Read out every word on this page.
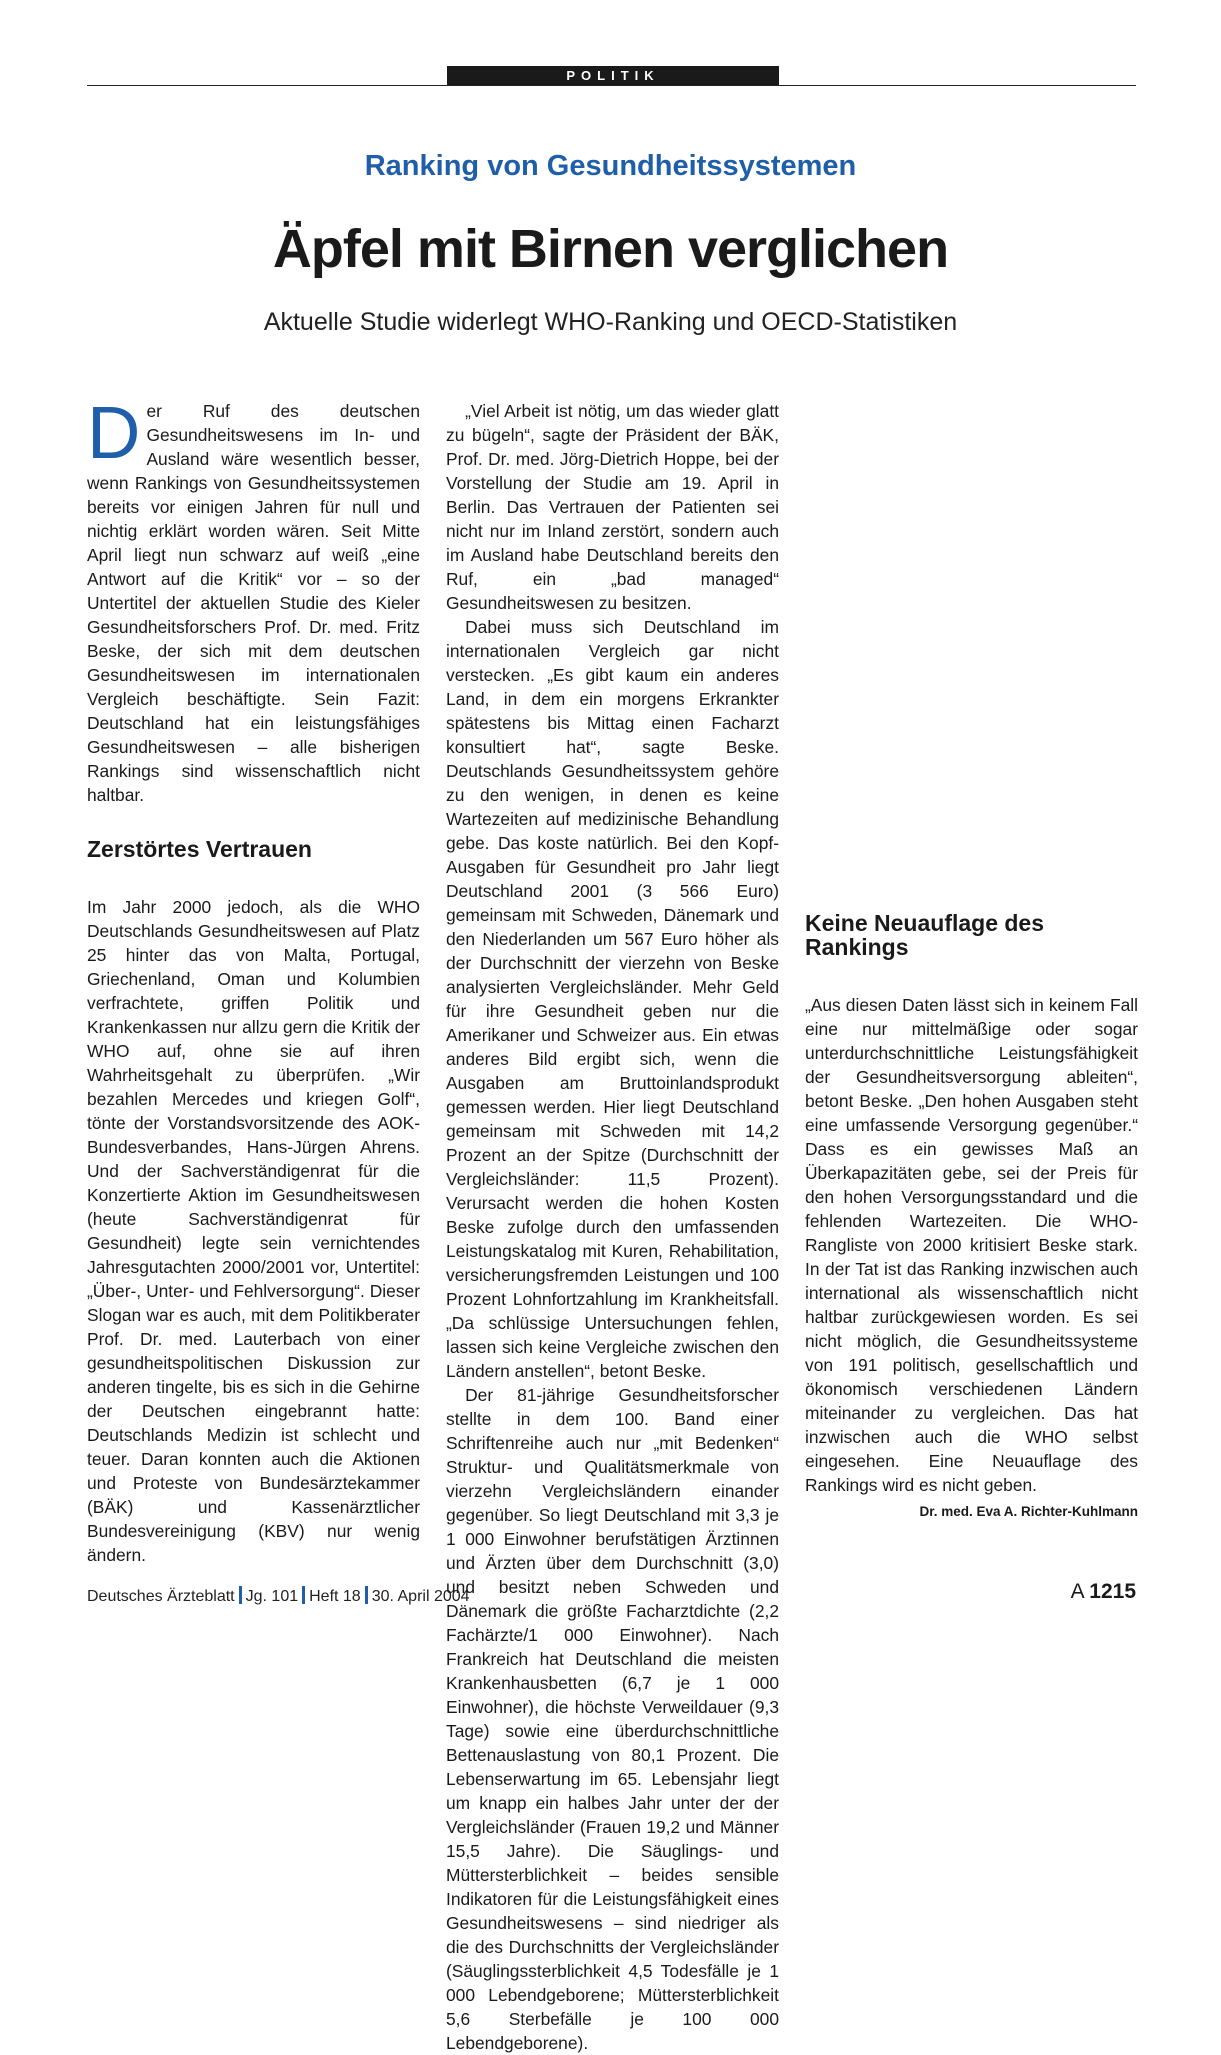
POLITIK
Ranking von Gesundheitssystemen
Äpfel mit Birnen verglichen
Aktuelle Studie widerlegt WHO-Ranking und OECD-Statistiken

Der Ruf des deutschen Gesundheitswesens im In- und Ausland wäre wesentlich besser, wenn Rankings von Gesundheitssystemen bereits vor einigen Jahren für null und nichtig erklärt worden wären. Seit Mitte April liegt nun schwarz auf weiß „eine Antwort auf die Kritik“ vor – so der Untertitel der aktuellen Studie des Kieler Gesundheitsforschers Prof. Dr. med. Fritz Beske, der sich mit dem deutschen Gesundheitswesen im internationalen Vergleich beschäftigte. Sein Fazit: Deutschland hat ein leistungsfähiges Gesundheitswesen – alle bisherigen Rankings sind wissenschaftlich nicht haltbar.

Zerstörtes Vertrauen

Im Jahr 2000 jedoch, als die WHO Deutschlands Gesundheitswesen auf Platz 25 hinter das von Malta, Portugal, Griechenland, Oman und Kolumbien verfrachtete, griffen Politik und Krankenkassen nur allzu gern die Kritik der WHO auf, ohne sie auf ihren Wahrheitsgehalt zu überprüfen. „Wir bezahlen Mercedes und kriegen Golf“, tönte der Vorstandsvorsitzende des AOK-Bundesverbandes, Hans-Jürgen Ahrens. Und der Sachverständigenrat für die Konzertierte Aktion im Gesundheitswesen (heute Sachverständigenrat für Gesundheit) legte sein vernichtendes Jahresgutachten 2000/2001 vor, Untertitel: „Über-, Unter- und Fehlversorgung“. Dieser Slogan war es auch, mit dem Politikberater Prof. Dr. med. Lauterbach von einer gesundheitspolitischen Diskussion zur anderen tingelte, bis es sich in die Gehirne der Deutschen eingebrannt hatte: Deutschlands Medizin ist schlecht und teuer. Daran konnten auch die Aktionen und Proteste von Bundesärztekammer (BÄK) und Kassenärztlicher Bundesvereinigung (KBV) nur wenig ändern.

„Viel Arbeit ist nötig, um das wieder glatt zu bügeln“, sagte der Präsident der BÄK, Prof. Dr. med. Jörg-Dietrich Hoppe, bei der Vorstellung der Studie am 19. April in Berlin. Das Vertrauen der Patienten sei nicht nur im Inland zerstört, sondern auch im Ausland habe Deutschland bereits den Ruf, ein „bad managed“ Gesundheitswesen zu besitzen.

Dabei muss sich Deutschland im internationalen Vergleich gar nicht verstecken. „Es gibt kaum ein anderes Land, in dem ein morgens Erkrankter spätestens bis Mittag einen Facharzt konsultiert hat“, sagte Beske. Deutschlands Gesundheitssystem gehöre zu den wenigen, in denen es keine Wartezeiten auf medizinische Behandlung gebe. Das koste natürlich. Bei den Kopf-Ausgaben für Gesundheit pro Jahr liegt Deutschland 2001 (3 566 Euro) gemeinsam mit Schweden, Dänemark und den Niederlanden um 567 Euro höher als der Durchschnitt der vierzehn von Beske analysierten Vergleichsländer. Mehr Geld für ihre Gesundheit geben nur die Amerikaner und Schweizer aus. Ein etwas anderes Bild ergibt sich, wenn die Ausgaben am Bruttoinlandsprodukt gemessen werden. Hier liegt Deutschland gemeinsam mit Schweden mit 14,2 Prozent an der Spitze (Durchschnitt der Vergleichsländer: 11,5 Prozent). Verursacht werden die hohen Kosten Beske zufolge durch den umfassenden Leistungskatalog mit Kuren, Rehabilitation, versicherungsfremden Leistungen und 100 Prozent Lohnfortzahlung im Krankheitsfall. „Da schlüssige Untersuchungen fehlen, lassen sich keine Vergleiche zwischen den Ländern anstellen“, betont Beske.

Der 81-jährige Gesundheitsforscher stellte in dem 100. Band einer Schriftenreihe auch nur „mit Bedenken“ Struktur- und Qualitätsmerkmale von vierzehn Vergleichsländern einander gegenüber. So liegt Deutschland mit 3,3 je 1 000 Einwohner berufstätigen Ärztinnen und Ärzten über dem Durchschnitt (3,0) und besitzt neben Schweden und Dänemark die größte Facharztdichte (2,2 Fachärzte/1 000 Einwohner). Nach Frankreich hat Deutschland die meisten Krankenhausbetten (6,7 je 1 000 Einwohner), die höchste Verweildauer (9,3 Tage) sowie eine überdurchschnittliche Bettenauslastung von 80,1 Prozent. Die Lebenserwartung im 65. Lebensjahr liegt um knapp ein halbes Jahr unter der der Vergleichsländer (Frauen 19,2 und Männer 15,5 Jahre). Die Säuglings- und Müttersterblichkeit – beides sensible Indikatoren für die Leistungsfähigkeit eines Gesundheitswesens – sind niedriger als die des Durchschnitts der Vergleichsländer (Säuglingssterblichkeit 4,5 Todesfälle je 1 000 Lebendgeborene; Müttersterblichkeit 5,6 Sterbefälle je 100 000 Lebendgeborene).

Keine Neuauflage des Rankings

„Aus diesen Daten lässt sich in keinem Fall eine nur mittelmäßige oder sogar unterdurchschnittliche Leistungsfähigkeit der Gesundheitsversorgung ableiten“, betont Beske. „Den hohen Ausgaben steht eine umfassende Versorgung gegenüber.“ Dass es ein gewisses Maß an Überkapazitäten gebe, sei der Preis für den hohen Versorgungsstandard und die fehlenden Wartezeiten. Die WHO-Rangliste von 2000 kritisiert Beske stark. In der Tat ist das Ranking inzwischen auch international als wissenschaftlich nicht haltbar zurückgewiesen worden. Es sei nicht möglich, die Gesundheitssysteme von 191 politisch, gesellschaftlich und ökonomisch verschiedenen Ländern miteinander zu vergleichen. Das hat inzwischen auch die WHO selbst eingesehen. Eine Neuauflage des Rankings wird es nicht geben.
Dr. med. Eva A. Richter-Kuhlmann

Deutsches Ärzteblatt Jg. 101 Heft 18 30. April 2004	A 1215
